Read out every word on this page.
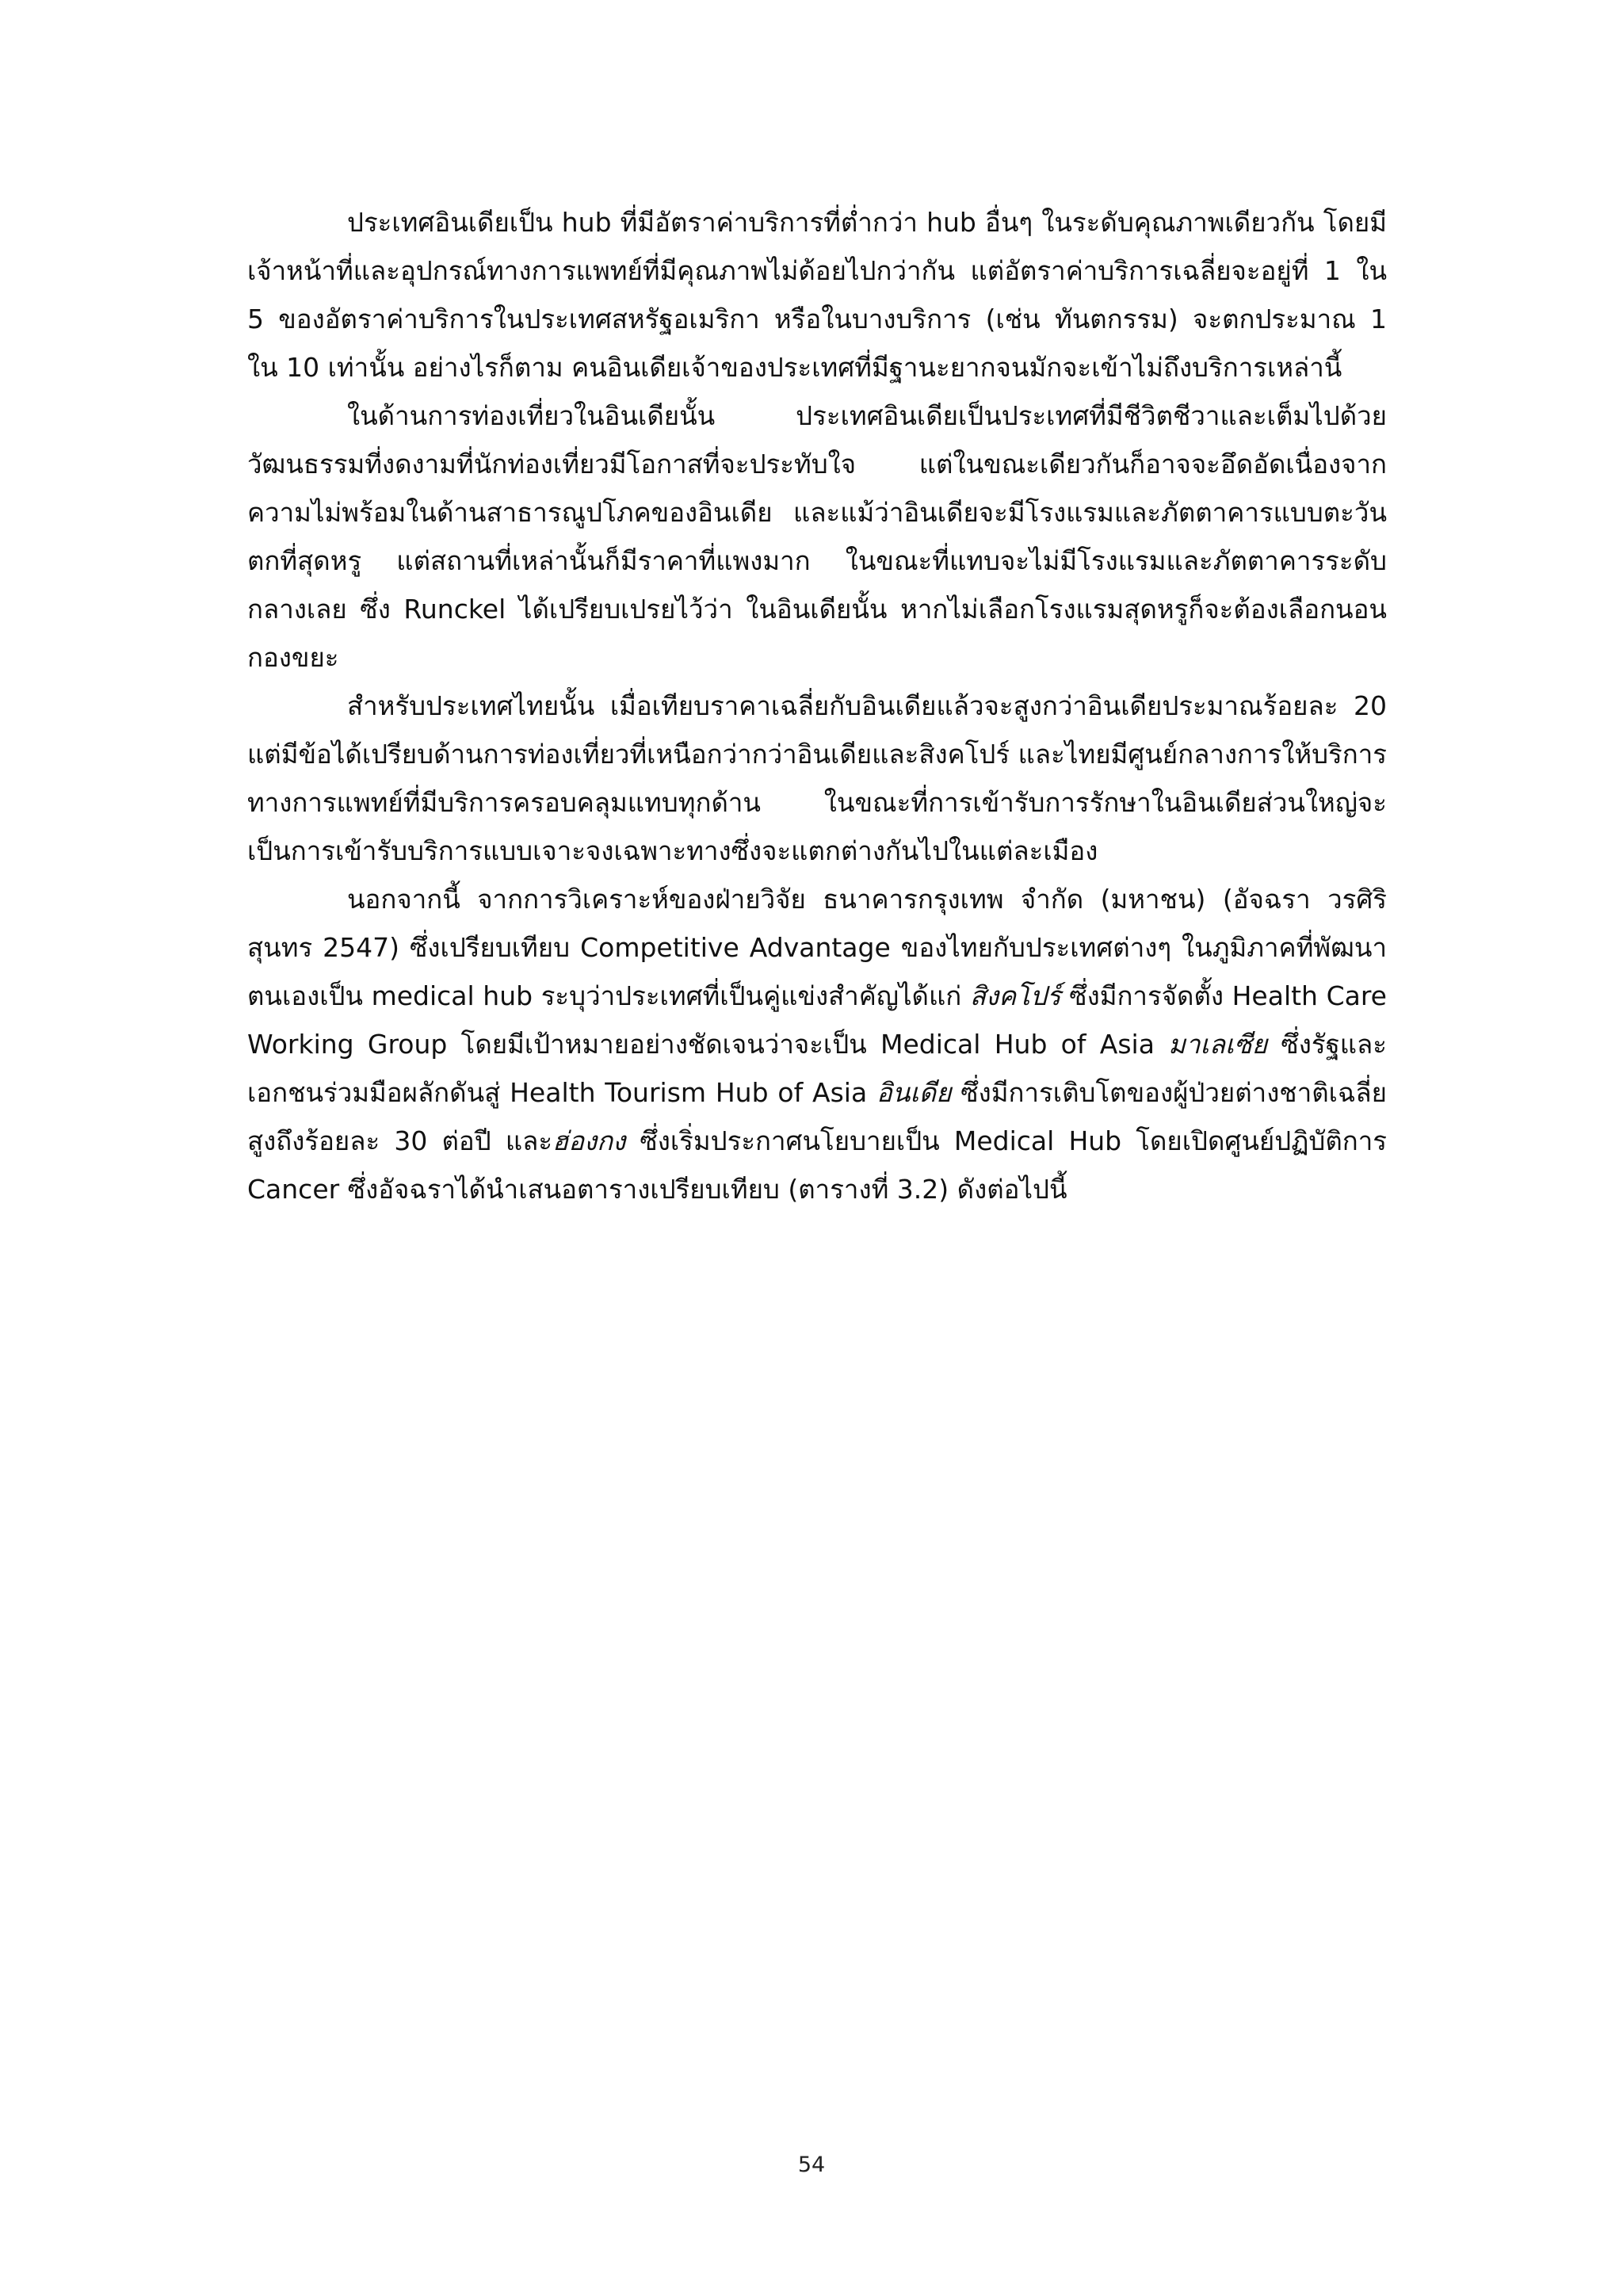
ประเทศอินเดียเป็น hub ที่มีอัตราค่าบริการที่ต่ำกว่า hub อื่นๆ ในระดับคุณภาพเดียวกัน โดยมีเจ้าหน้าที่และอุปกรณ์ทางการแพทย์ที่มีคุณภาพไม่ด้อยไปกว่ากัน แต่อัตราค่าบริการเฉลี่ยจะอยู่ที่ 1 ใน 5 ของอัตราค่าบริการในประเทศสหรัฐอเมริกา หรือในบางบริการ (เช่น ทันตกรรม) จะตกประมาณ 1 ใน 10 เท่านั้น อย่างไรก็ตาม คนอินเดียเจ้าของประเทศที่มีฐานะยากจนมักจะเข้าไม่ถึงบริการเหล่านี้

ในด้านการท่องเที่ยวในอินเดียนั้น ประเทศอินเดียเป็นประเทศที่มีชีวิตชีวาและเต็มไปด้วยวัฒนธรรมที่งดงามที่นักท่องเที่ยวมีโอกาสที่จะประทับใจ แต่ในขณะเดียวกันก็อาจจะอึดอัดเนื่องจากความไม่พร้อมในด้านสาธารณูปโภคของอินเดีย และแม้ว่าอินเดียจะมีโรงแรมและภัตตาคารแบบตะวันตกที่สุดหรู แต่สถานที่เหล่านั้นก็มีราคาที่แพงมาก ในขณะที่แทบจะไม่มีโรงแรมและภัตตาคารระดับกลางเลย ซึ่ง Runckel ได้เปรียบเปรยไว้ว่า ในอินเดียนั้น หากไม่เลือกโรงแรมสุดหรูก็จะต้องเลือกนอนกองขยะ

สำหรับประเทศไทยนั้น เมื่อเทียบราคาเฉลี่ยกับอินเดียแล้วจะสูงกว่าอินเดียประมาณร้อยละ 20 แต่มีข้อได้เปรียบด้านการท่องเที่ยวที่เหนือกว่ากว่าอินเดียและสิงคโปร์ และไทยมีศูนย์กลางการให้บริการทางการแพทย์ที่มีบริการครอบคลุมแทบทุกด้าน ในขณะที่การเข้ารับการรักษาในอินเดียส่วนใหญ่จะเป็นการเข้ารับบริการแบบเจาะจงเฉพาะทางซึ่งจะแตกต่างกันไปในแต่ละเมือง

นอกจากนี้ จากการวิเคราะห์ของฝ่ายวิจัย ธนาคารกรุงเทพ จำกัด (มหาชน) (อัจฉรา วรศิริสุนทร 2547) ซึ่งเปรียบเทียบ Competitive Advantage ของไทยกับประเทศต่างๆ ในภูมิภาคที่พัฒนาตนเองเป็น medical hub ระบุว่าประเทศที่เป็นคู่แข่งสำคัญได้แก่ สิงคโปร์ ซึ่งมีการจัดตั้ง Health Care Working Group โดยมีเป้าหมายอย่างชัดเจนว่าจะเป็น Medical Hub of Asia มาเลเซีย ซึ่งรัฐและเอกชนร่วมมือผลักดันสู่ Health Tourism Hub of Asia อินเดีย ซึ่งมีการเติบโตของผู้ป่วยต่างชาติเฉลี่ยสูงถึงร้อยละ 30 ต่อปี และฮ่องกง ซึ่งเริ่มประกาศนโยบายเป็น Medical Hub โดยเปิดศูนย์ปฏิบัติการ Cancer ซึ่งอัจฉราได้นำเสนอตารางเปรียบเทียบ (ตารางที่ 3.2) ดังต่อไปนี้

54
